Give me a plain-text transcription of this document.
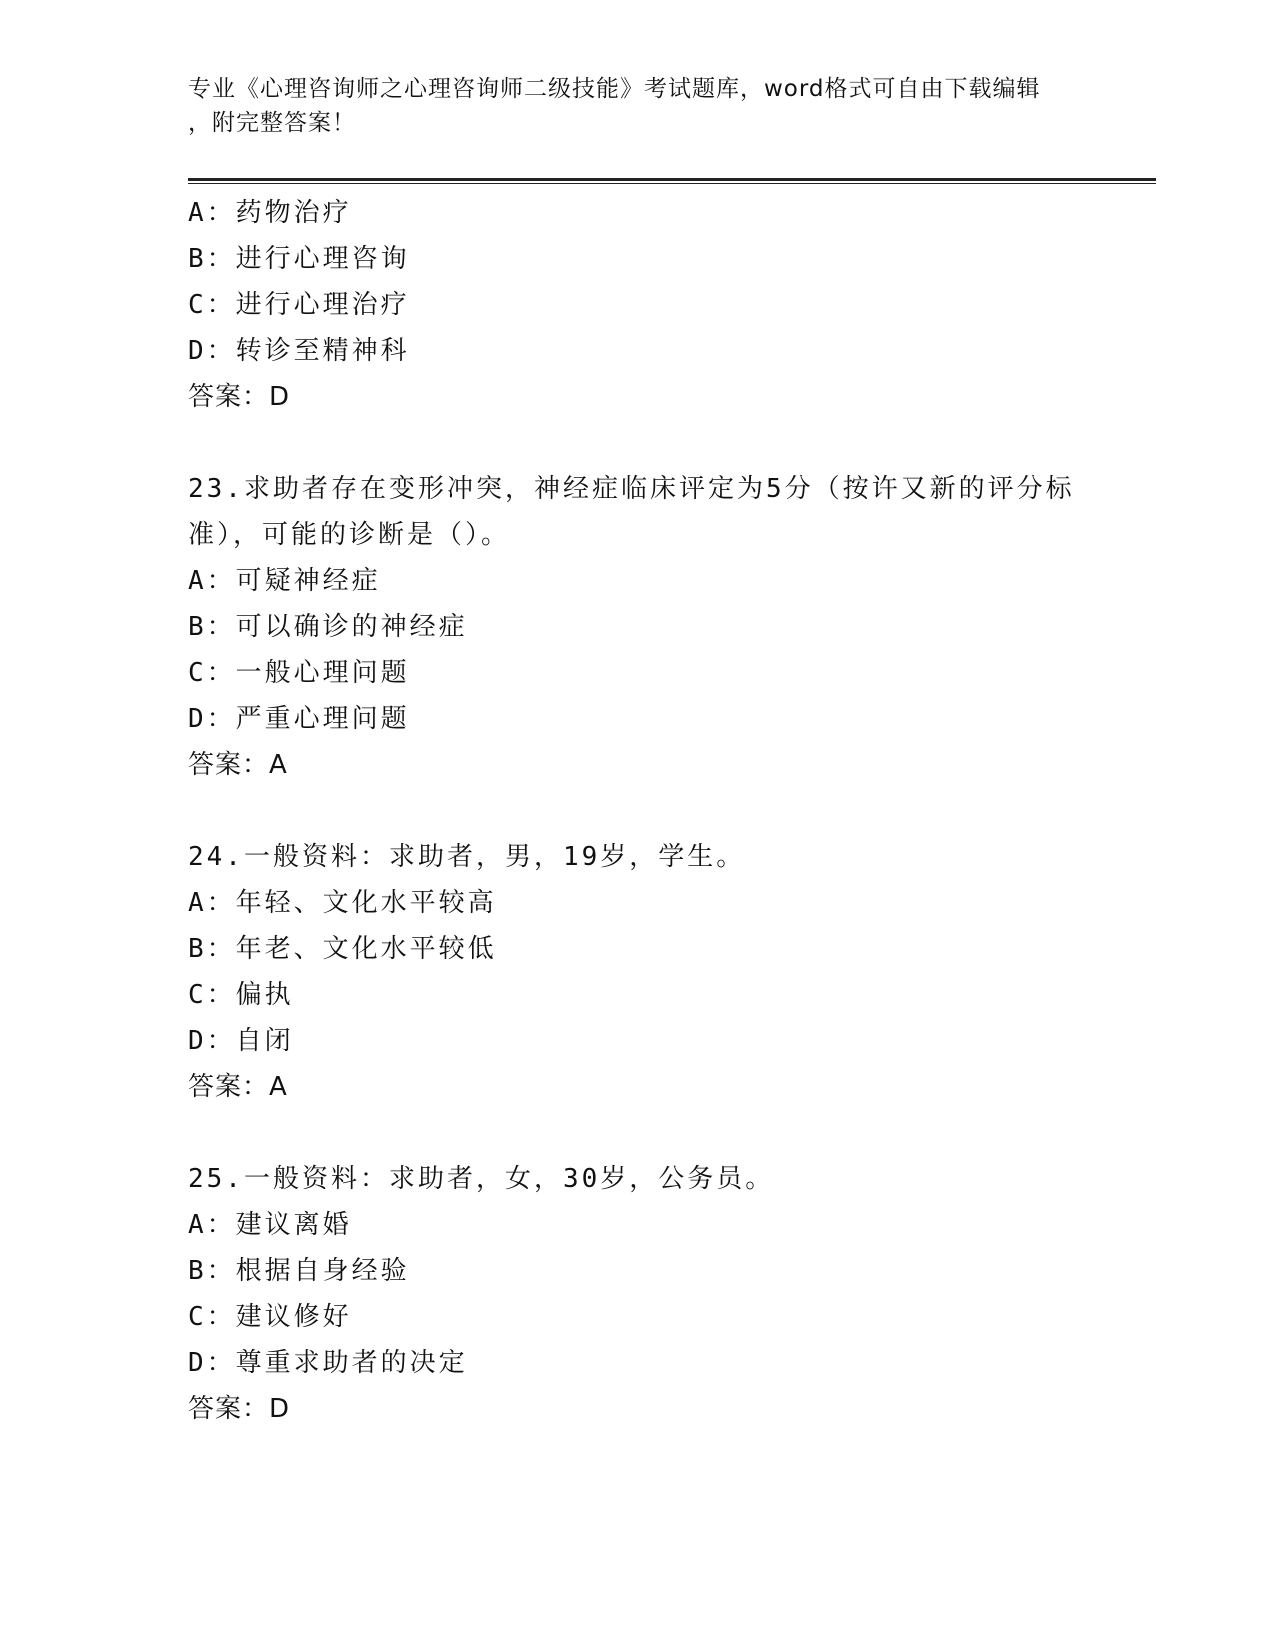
专业《心理咨询师之心理咨询师二级技能》考试题库，word格式可自由下载编辑
，附完整答案！
A：药物治疗
B：进行心理咨询
C：进行心理治疗
D：转诊至精神科
答案：D
23.求助者存在变形冲突，神经症临床评定为5分（按许又新的评分标
准），可能的诊断是（）。
A：可疑神经症
B：可以确诊的神经症
C：一般心理问题
D：严重心理问题
答案：A
24.一般资料：求助者，男，19岁，学生。
A：年轻、文化水平较高
B：年老、文化水平较低
C：偏执
D：自闭
答案：A
25.一般资料：求助者，女，30岁，公务员。
A：建议离婚
B：根据自身经验
C：建议修好
D：尊重求助者的决定
答案：D
